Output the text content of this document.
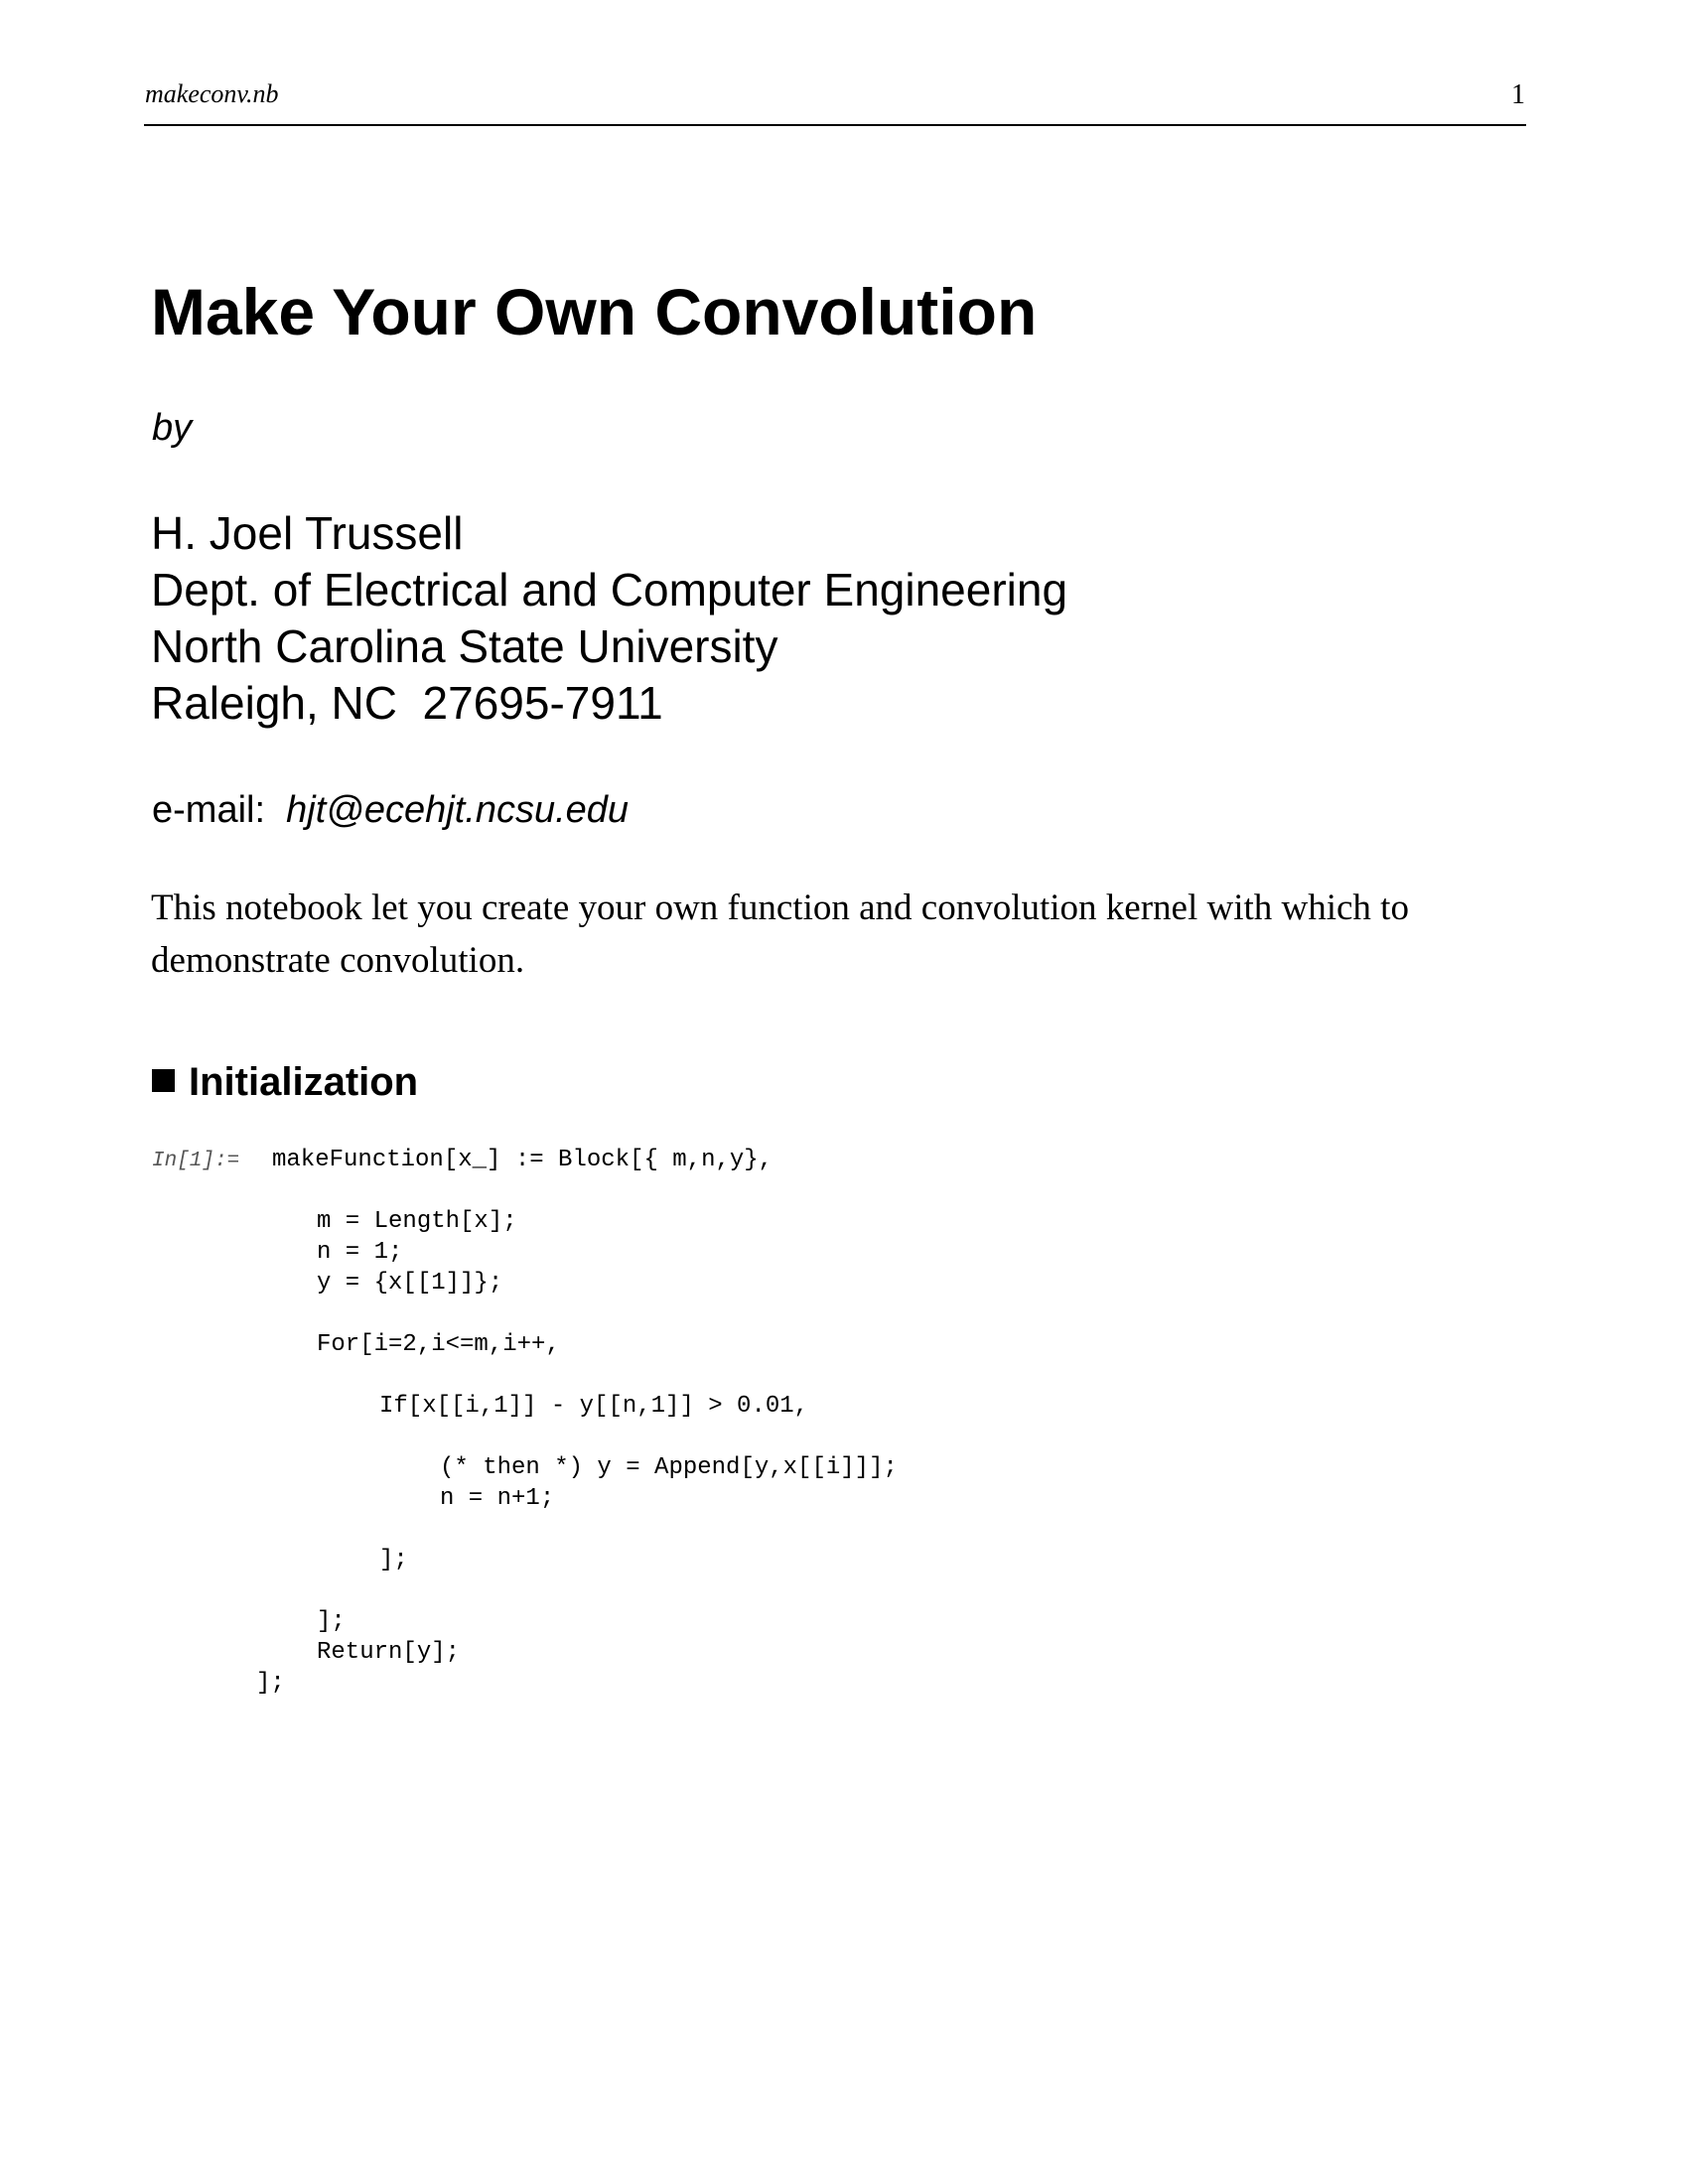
makeconv.nb	1
Make Your Own Convolution
by
H. Joel Trussell
Dept. of Electrical and Computer Engineering
North Carolina State University
Raleigh, NC  27695-7911
e-mail: hjt@ecehjt.ncsu.edu
This notebook let you create your own function and convolution kernel with which to
demonstrate convolution.
Initialization
In[1]:= makeFunction[x_] := Block[{ m,n,y},
m = Length[x];
n = 1;
y = {x[[1]]};
For[i=2,i<=m,i++,
If[x[[i,1]] - y[[n,1]] > 0.01,
(* then *) y = Append[y,x[[i]]];
n = n+1;
];
];
Return[y];
];
